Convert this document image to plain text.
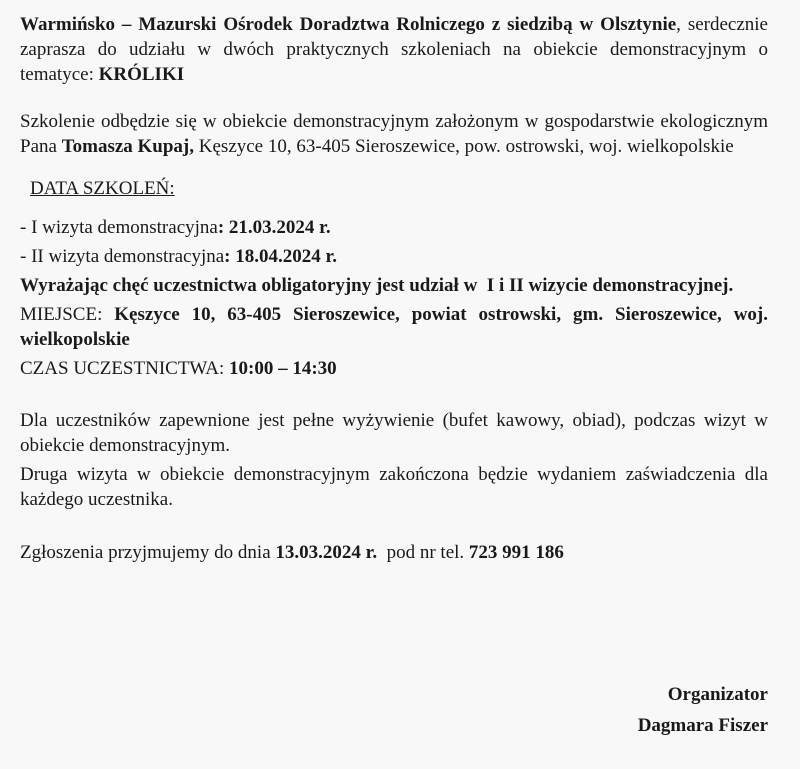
Warmińsko – Mazurski Ośrodek Doradztwa Rolniczego z siedzibą w Olsztynie, serdecznie zaprasza do udziału w dwóch praktycznych szkoleniach na obiekcie demonstracyjnym o tematyce: KRÓLIKI

Szkolenie odbędzie się w obiekcie demonstracyjnym założonym w gospodarstwie ekologicznym Pana Tomasza Kupaj, Kęszyce 10, 63-405 Sieroszewice, pow. ostrowski, woj. wielkopolskie

DATA SZKOLEŃ:

- I wizyta demonstracyjna: 21.03.2024 r.

- II wizyta demonstracyjna: 18.04.2024 r.

Wyrażając chęć uczestnictwa obligatoryjny jest udział w  I i II wizycie demonstracyjnej.

MIEJSCE: Kęszyce 10, 63-405 Sieroszewice, powiat ostrowski, gm. Sieroszewice, woj. wielkopolskie

CZAS UCZESTNICTWA: 10:00 – 14:30

Dla uczestników zapewnione jest pełne wyżywienie (bufet kawowy, obiad), podczas wizyt w obiekcie demonstracyjnym.

Druga wizyta w obiekcie demonstracyjnym zakończona będzie wydaniem zaświadczenia dla każdego uczestnika.

Zgłoszenia przyjmujemy do dnia 13.03.2024 r.  pod nr tel. 723 991 186

Organizator
Dagmara Fiszer
